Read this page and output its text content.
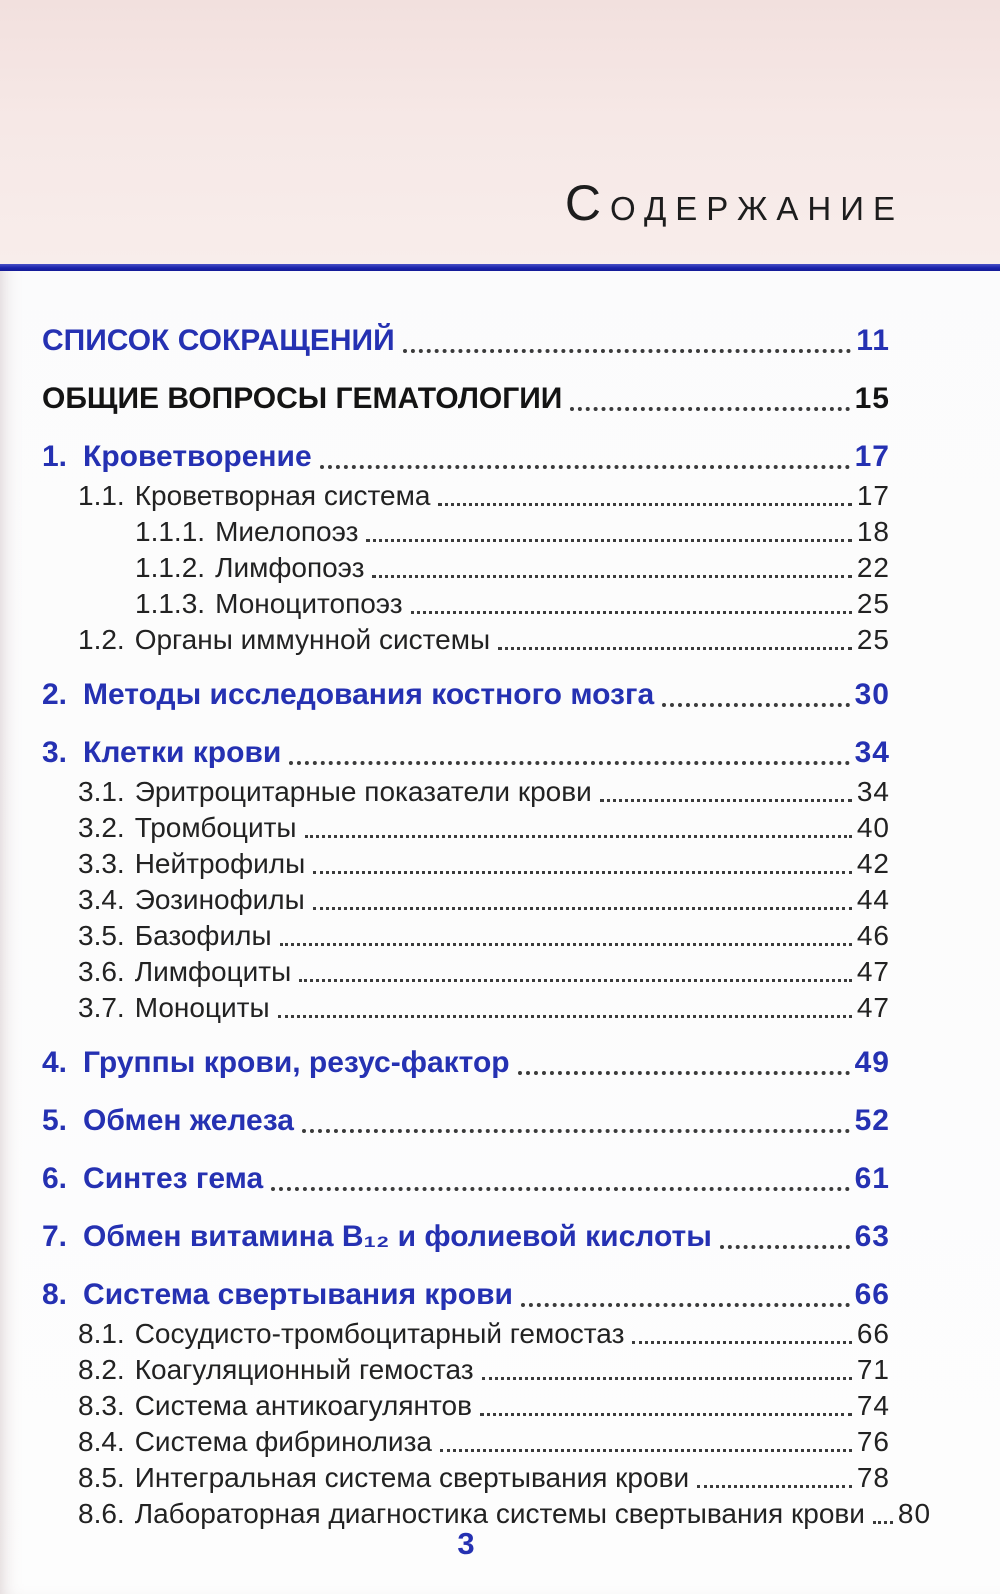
СОДЕРЖАНИЕ
СПИСОК СОКРАЩЕНИЙ	11
ОБЩИЕ ВОПРОСЫ ГЕМАТОЛОГИИ	15
1. Кроветворение	17
1.1. Кроветворная система	17
1.1.1. Миелопоэз	18
1.1.2. Лимфопоэз	22
1.1.3. Моноцитопоэз	25
1.2. Органы иммунной системы	25
2. Методы исследования костного мозга	30
3. Клетки крови	34
3.1. Эритроцитарные показатели крови	34
3.2. Тромбоциты	40
3.3. Нейтрофилы	42
3.4. Эозинофилы	44
3.5. Базофилы	46
3.6. Лимфоциты	47
3.7. Моноциты	47
4. Группы крови, резус-фактор	49
5. Обмен железа	52
6. Синтез гема	61
7. Обмен витамина В₁₂ и фолиевой кислоты	63
8. Система свертывания крови	66
8.1. Сосудисто-тромбоцитарный гемостаз	66
8.2. Коагуляционный гемостаз	71
8.3. Система антикоагулянтов	74
8.4. Система фибринолиза	76
8.5. Интегральная система свертывания крови	78
8.6. Лабораторная диагностика системы свертывания крови 80
3
